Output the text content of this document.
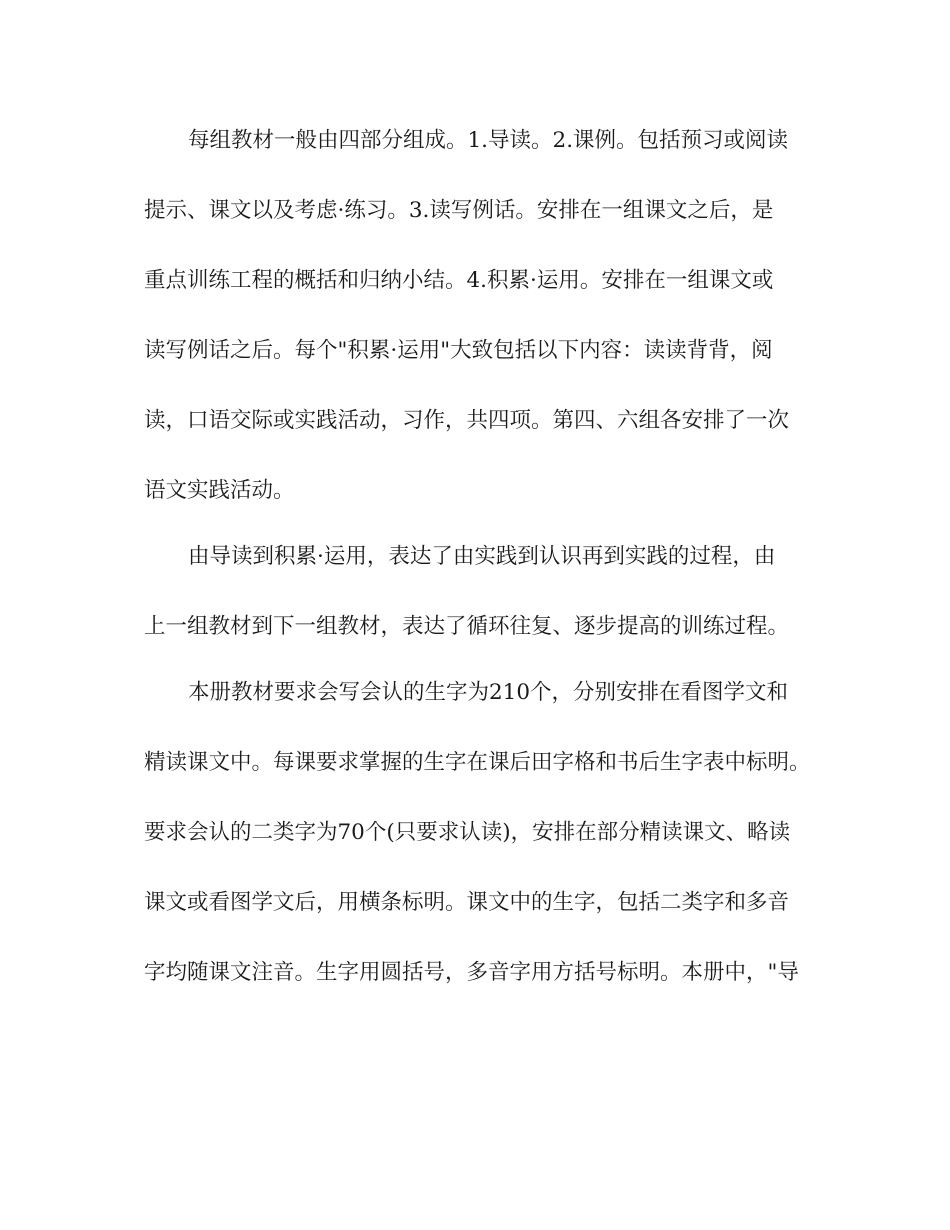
每组教材一般由四部分组成。1.导读。2.课例。包括预习或阅读
提示、课文以及考虑·练习。3.读写例话。安排在一组课文之后，是
重点训练工程的概括和归纳小结。4.积累·运用。安排在一组课文或
读写例话之后。每个"积累·运用"大致包括以下内容：读读背背，阅
读，口语交际或实践活动，习作，共四项。第四、六组各安排了一次
语文实践活动。
由导读到积累·运用，表达了由实践到认识再到实践的过程，由
上一组教材到下一组教材，表达了循环往复、逐步提高的训练过程。
本册教材要求会写会认的生字为210个，分别安排在看图学文和
精读课文中。每课要求掌握的生字在课后田字格和书后生字表中标明。
要求会认的二类字为70个(只要求认读)，安排在部分精读课文、略读
课文或看图学文后，用横条标明。课文中的生字，包括二类字和多音
字均随课文注音。生字用圆括号，多音字用方括号标明。本册中，"导
